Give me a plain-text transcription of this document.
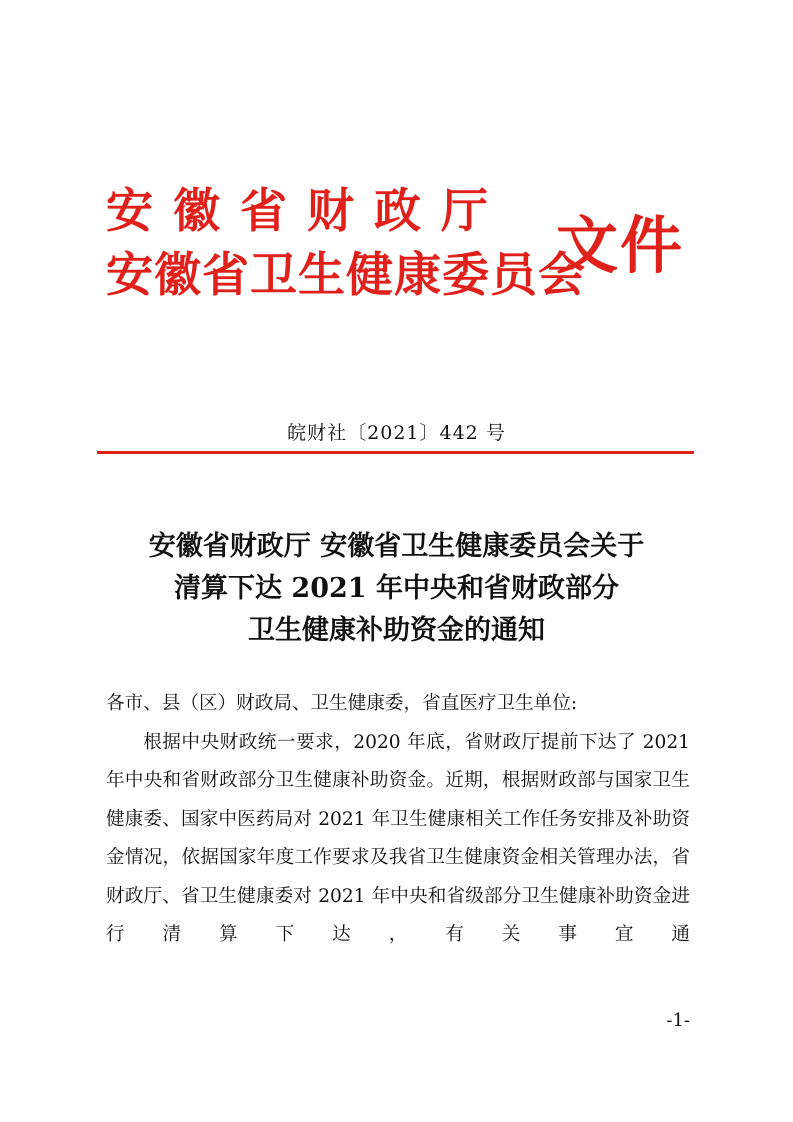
安徽省财政厅
安徽省卫生健康委员会
文件
皖财社〔2021〕442 号
安徽省财政厅 安徽省卫生健康委员会关于
清算下达 2021 年中央和省财政部分
卫生健康补助资金的通知
各市、县（区）财政局、卫生健康委，省直医疗卫生单位:

根据中央财政统一要求，2020 年底，省财政厅提前下达了 2021 年中央和省财政部分卫生健康补助资金。近期，根据财政部与国家卫生健康委、国家中医药局对 2021 年卫生健康相关工作任务安排及补助资金情况，依据国家年度工作要求及我省卫生健康资金相关管理办法，省财政厅、省卫生健康委对 2021 年中央和省级部分卫生健康补助资金进行清算下达，有关事宜通

-1-
